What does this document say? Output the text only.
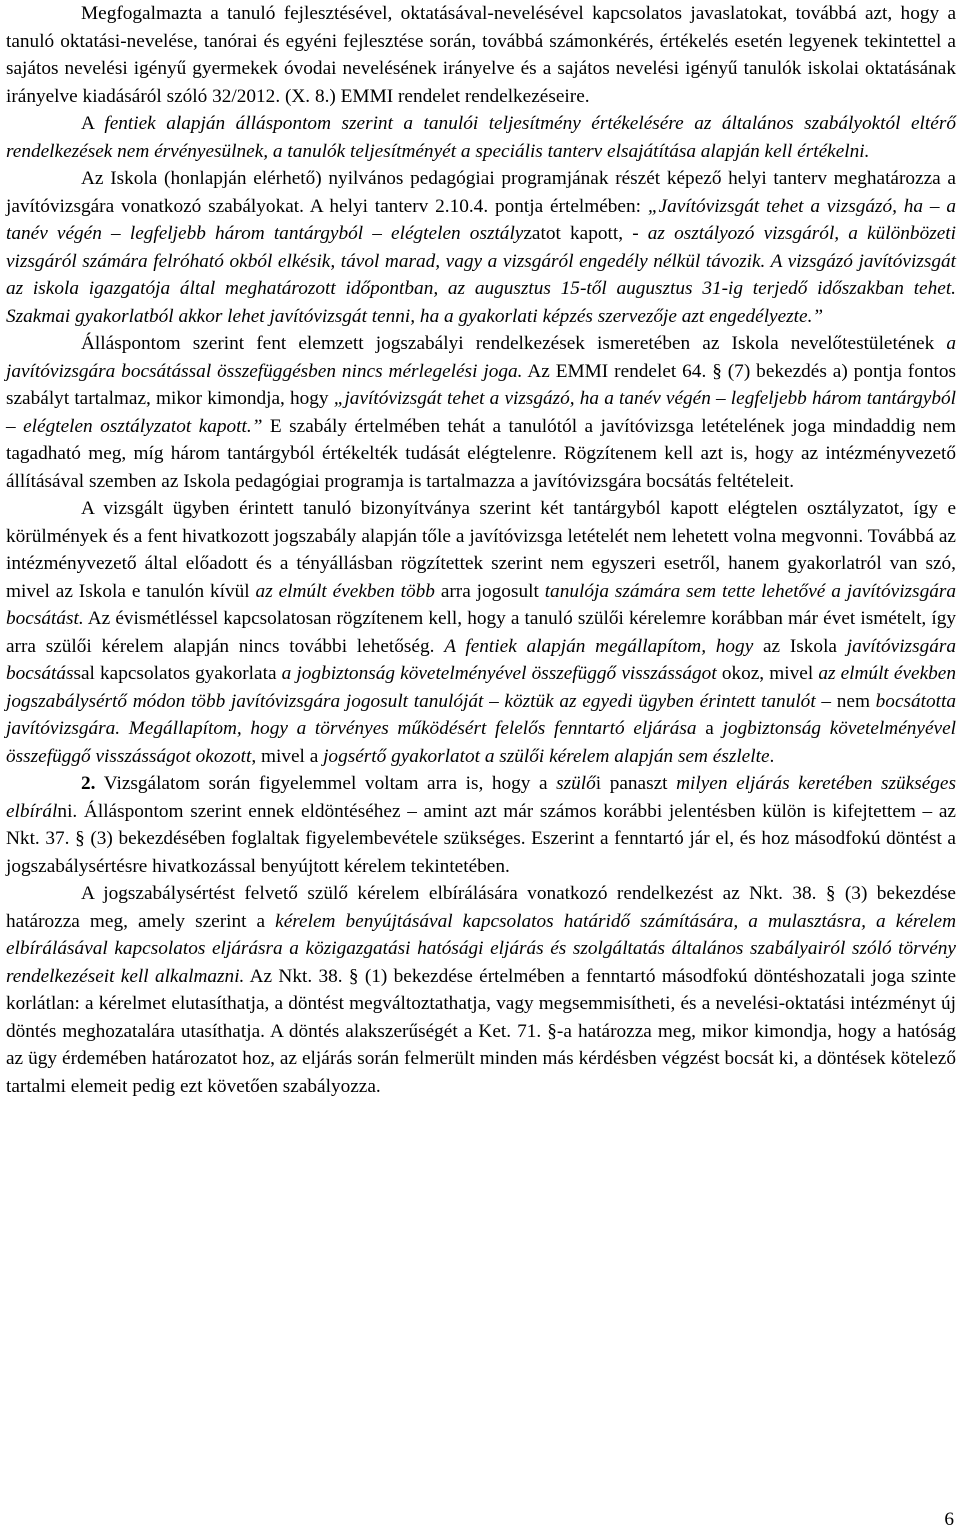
Megfogalmazta a tanuló fejlesztésével, oktatásával-nevelésével kapcsolatos javaslatokat, továbbá azt, hogy a tanuló oktatási-nevelése, tanórai és egyéni fejlesztése során, továbbá számonkérés, értékelés esetén legyenek tekintettel a sajátos nevelési igényű gyermekek óvodai nevelésének irányelve és a sajátos nevelési igényű tanulók iskolai oktatásának irányelve kiadásáról szóló 32/2012. (X. 8.) EMMI rendelet rendelkezéseire.

A fentiek alapján álláspontom szerint a tanulói teljesítmény értékelésére az általános szabályoktól eltérő rendelkezések nem érvényesülnek, a tanulók teljesítményét a speciális tanterv elsajátítása alapján kell értékelni.

Az Iskola (honlapján elérhető) nyilvános pedagógiai programjának részét képező helyi tanterv meghatározza a javítóvizsgára vonatkozó szabályokat. A helyi tanterv 2.10.4. pontja értelmében: „Javítóvizsgát tehet a vizsgázó, ha – a tanév végén – legfeljebb három tantárgyból – elégtelen osztályzatot kapott, - az osztályozó vizsgáról, a különbözeti vizsgáról számára felróható okból elkésik, távol marad, vagy a vizsgáról engedély nélkül távozik. A vizsgázó javítóvizsgát az iskola igazgatója által meghatározott időpontban, az augusztus 15-től augusztus 31-ig terjedő időszakban tehet. Szakmai gyakorlatból akkor lehet javítóvizsgát tenni, ha a gyakorlati képzés szervezője azt engedélyezte.”

Álláspontom szerint fent elemzett jogszabályi rendelkezések ismeretében az Iskola nevelőtestületének a javítóvizsgára bocsátással összefüggésben nincs mérlegelési joga. Az EMMI rendelet 64. § (7) bekezdés a) pontja fontos szabályt tartalmaz, mikor kimondja, hogy „javítóvizsgát tehet a vizsgázó, ha a tanév végén – legfeljebb három tantárgyból – elégtelen osztályzatot kapott.” E szabály értelmében tehát a tanulótól a javítóvizsga letételének joga mindaddig nem tagadható meg, míg három tantárgyból értékelték tudását elégtelenre. Rögzítenem kell azt is, hogy az intézményvezető állításával szemben az Iskola pedagógiai programja is tartalmazza a javítóvizsgára bocsátás feltételeit.

A vizsgált ügyben érintett tanuló bizonyítványa szerint két tantárgyból kapott elégtelen osztályzatot, így e körülmények és a fent hivatkozott jogszabály alapján tőle a javítóvizsga letételét nem lehetett volna megvonni. Továbbá az intézményvezető által előadott és a tényállásban rögzítettek szerint nem egyszeri esetről, hanem gyakorlatról van szó, mivel az Iskola e tanulón kívül az elmúlt években több arra jogosult tanulója számára sem tette lehetővé a javítóvizsgára bocsátást. Az évismétléssel kapcsolatosan rögzítenem kell, hogy a tanuló szülői kérelemre korábban már évet ismételt, így arra szülői kérelem alapján nincs további lehetőség. A fentiek alapján megállapítom, hogy az Iskola javítóvizsgára bocsátással kapcsolatos gyakorlata a jogbiztonság követelményével összefüggő visszásságot okoz, mivel az elmúlt években jogszabálysértő módon több javítóvizsgára jogosult tanulóját – köztük az egyedi ügyben érintett tanulót – nem bocsátotta javítóvizsgára. Megállapítom, hogy a törvényes működésért felelős fenntartó eljárása a jogbiztonság követelményével összefüggő visszásságot okozott, mivel a jogsértő gyakorlatot a szülői kérelem alapján sem észlelte.

2. Vizsgálatom során figyelemmel voltam arra is, hogy a szülői panaszt milyen eljárás keretében szükséges elbírálni. Álláspontom szerint ennek eldöntéséhez – amint azt már számos korábbi jelentésben külön is kifejtettem – az Nkt. 37. § (3) bekezdésében foglaltak figyelembevétele szükséges. Eszerint a fenntartó jár el, és hoz másodfokú döntést a jogszabálysértésre hivatkozással benyújtott kérelem tekintetében.

A jogszabálysértést felvető szülő kérelem elbírálására vonatkozó rendelkezést az Nkt. 38. § (3) bekezdése határozza meg, amely szerint a kérelem benyújtásával kapcsolatos határidő számítására, a mulasztásra, a kérelem elbírálásával kapcsolatos eljárásra a közigazgatási hatósági eljárás és szolgáltatás általános szabályairól szóló törvény rendelkezéseit kell alkalmazni. Az Nkt. 38. § (1) bekezdése értelmében a fenntartó másodfokú döntéshozatali joga szinte korlátlan: a kérelmet elutasíthatja, a döntést megváltoztathatja, vagy megsemmisítheti, és a nevelési-oktatási intézményt új döntés meghozatalára utasíthatja. A döntés alakszerűségét a Ket. 71. §-a határozza meg, mikor kimondja, hogy a hatóság az ügy érdemében határozatot hoz, az eljárás során felmerült minden más kérdésben végzést bocsát ki, a döntések kötelező tartalmi elemeit pedig ezt követően szabályozza.

6
